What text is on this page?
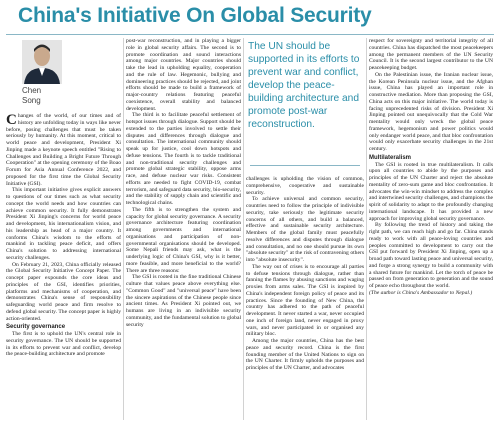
China's Initiative On Global Security
Chen
Song

Changes of the world, of our times and of history are unfolding today in ways like never before, posing challenges that must be taken seriously by humanity. At this moment, critical to world peace and development, President Xi Jinping made a keynote speech entitled "Rising to Challenges and Building a Bright Future Through Cooperation" at the opening ceremony of the Boao Forum for Asia Annual Conference 2022, and proposed for the first time the Global Security Initiative (GSI).

This important initiative gives explicit answers to questions of our times such as what security concept the world needs and how countries can achieve common security. It fully demonstrates President Xi Jinping's concerns for world peace and development, his internationalism vision, and his leadership as head of a major country. It conforms China's wisdom to the efforts of mankind in tackling peace deficit, and offers China's solution to addressing international security challenges.

On February 21, 2023, China officially released the Global Security Initiative Concept Paper. The concept paper expounds the core ideas and principles of the GSI, identifies priorities, platforms and mechanisms of cooperation, and demonstrates China's sense of responsibility safeguarding world peace and firm resolve to defend global security. The concept paper is highly action-oriented.

Security governance

The first is to uphold the UN's central role in security governance. The UN should be supported in its efforts to prevent war and conflict, develop the peace-building architecture and promote

post-war reconstruction, and in playing a bigger role in global security affairs. The second is to promote coordination and sound interactions among major countries. Major countries should take the lead in upholding equality, cooperation and the rule of law. Hegemonic, bullying and domineering practices should be rejected, and joint efforts should be made to build a framework of major-country relations featuring peaceful coexistence, overall stability and balanced development.

The third is to facilitate peaceful settlement of hotspot issues through dialogue. Support should be extended to the parties involved to settle their disputes and differences through dialogue and consultation. The international community should speak up for justice, cool down hotspots and defuse tensions. The fourth is to tackle traditional and non-traditional security challenges and promote global strategic stability, oppose arms race, and defuse nuclear war risks. Consistent efforts are needed to fight COVID-19, combat terrorism, and safeguard data security, bio-security, and the stability of supply chain and scientific and technological chains.

The fifth is to strengthen the system and capacity for global security governance. A security governance architecture featuring coordination among governments and international organisations and participation of non-governmental organisations should be developed. Some Nepali friends may ask, what is the underlying logic of China's GSI, why is it better, more feasible, and more beneficial to the world? There are three reasons:

The GSI is rooted in the fine traditional Chinese culture that values peace above everything else. "Common Good" and "universal peace" have been the sincere aspirations of the Chinese people since ancient times. As President Xi pointed out, we humans are living in an indivisible security community, and the fundamental solution to global security

The UN should be supported in its efforts to prevent war and conflict, develop the peace-building architecture and promote post-war reconstruction.

challenges is upholding the vision of common, comprehensive, cooperative and sustainable security.

To achieve universal and common security, countries need to follow the principle of indivisible security, take seriously the legitimate security concerns of all others, and build a balanced, effective and sustainable security architecture. Members of the global family must peacefully resolve differences and disputes through dialogue and consultation, and no one should pursue its own "absolute security" at the risk of contravening others into "absolute insecurity".

The way out of crises is to encourage all parties to defuse tensions through dialogue, rather than fanning the flames by abusing sanctions and waging proxies from arms sales. The GSI is inspired by China's independent foreign policy of peace and its practices. Since the founding of New China, the country has adhered to the path of peaceful development. It never started a war, never occupied one inch of foreign land, never engaged in proxy wars, and never participated in or organised any military bloc.

Among the major countries, China has the best peace and security record. China is the first founding member of the United Nations to sign on the UN Charter. It firmly upholds the purposes and principles of the UN Charter, and advocates

respect for sovereignty and territorial integrity of all countries. China has dispatched the most peacekeepers among the permanent members of the UN Security Council. It is the second largest contributor to the UN peacekeeping budget.

On the Palestinian issue, the Iranian nuclear issue, the Korean Peninsula nuclear issue, and the Afghan issue, China has played an important role in constructive mediation. More than proposing the GSI, China acts on this major initiative. The world today is facing unprecedented risks of division. President Xi Jinping pointed out unequivocally that the Cold War mentality would only wreck the global peace framework, hegemonism and power politics would only endanger world peace, and that bloc confrontation would only exacerbate security challenges in the 21st century.

Multilateralism

The GSI is rooted in true multilateralism. It calls upon all countries to abide by the purposes and principles of the UN Charter and reject the absolute mentality of zero-sum game and bloc confrontation. It advocates the win-win mindset to address the complex and intertwined security challenges, and champions the spirit of solidarity to adapt to the profoundly changing international landscape. It has provided a new approach for improving global security governance.

By following the trend of history and taking the right path, we can reach high and go far. China stands ready to work with all peace-loving countries and peoples committed to development to carry out the GSI put forward by President Xi Jinping, open up a broad path toward lasting peace and universal security, and forge a strong synergy to build a community with a shared future for mankind. Let the torch of peace be passed on from generation to generation and the sound of peace echo throughout the world.

(The author is China's Ambassador to Nepal.)
